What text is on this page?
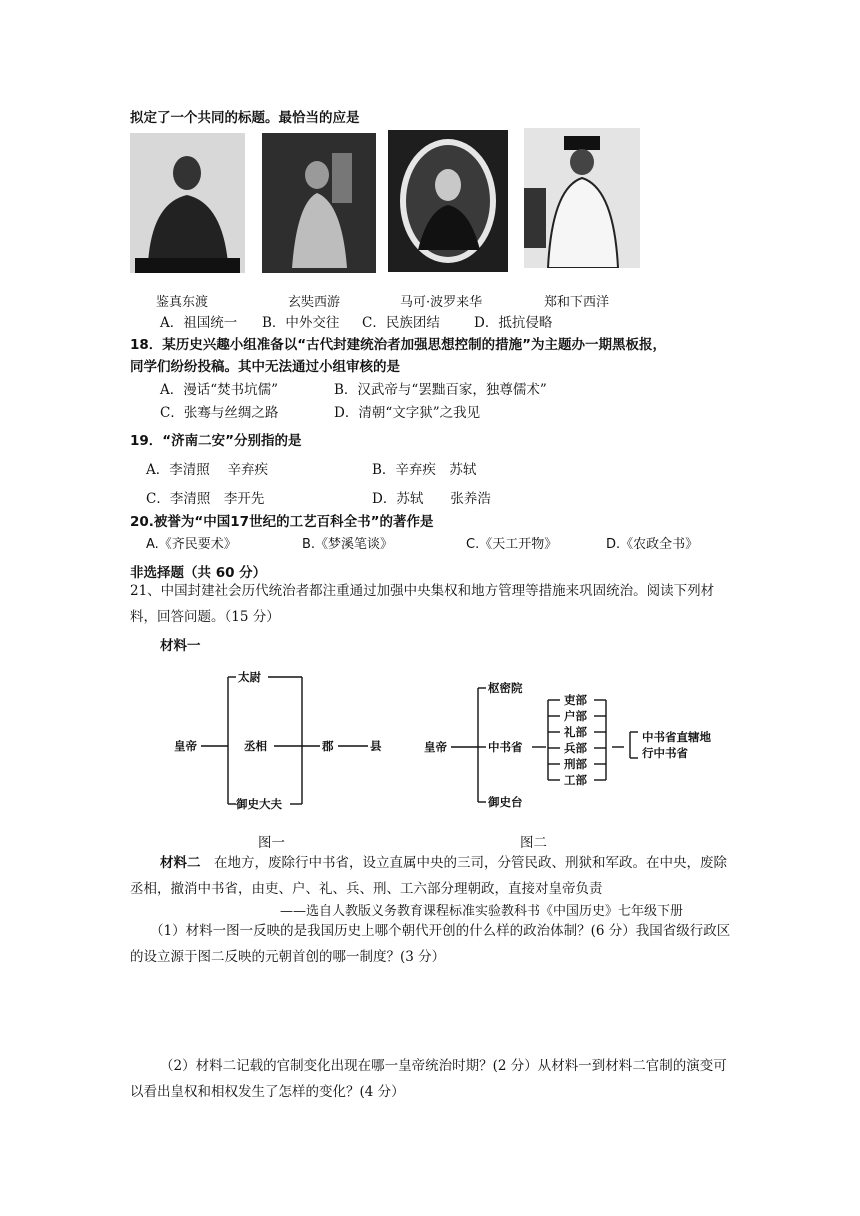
拟定了一个共同的标题。最恰当的应是
鉴真东渡	玄奘西游	马可·波罗来华	郑和下西洋
A．祖国统一 B．中外交往 C．民族团结	D．抵抗侵略
18．某历史兴趣小组准备以“古代封建统治者加强思想控制的措施”为主题办一期黑板报，
同学们纷纷投稿。其中无法通过小组审核的是
A．漫话“焚书坑儒”	B．汉武帝与“罢黜百家，独尊儒术”
C．张骞与丝绸之路	D．清朝“文字狱”之我见
19．“济南二安”分别指的是
A．李清照　 辛弃疾	B．辛弃疾　苏轼
C．李清照　李开先	D．苏轼　　张养浩
20.被誉为“中国17世纪的工艺百科全书”的著作是
A.《齐民要术》	B.《梦溪笔谈》	C.《天工开物》	D.《农政全书》
非选择题（共 60 分）
21、中国封建社会历代统治者都注重通过加强中央集权和地方管理等措施来巩固统治。阅读下列材料，回答问题。（15 分）
材料一
皇帝
太尉
丞相
御史大夫
郡	县	皇帝
枢密院
中书省
御史台
吏部
户部
礼部
兵部
刑部
工部
中书省直辖地
行中书省
图一	图二
材料二　 在地方，废除行中书省，设立直属中央的三司，分管民政、刑狱和军政。在中央，废除丞相，撤消中书省，由吏、户、礼、兵、刑、工六部分理朝政，直接对皇帝负责
——选自人教版义务教育课程标准实验教科书《中国历史》七年级下册
（1）材料一图一反映的是我国历史上哪个朝代开创的什么样的政治体制？(6 分）我国省级行政区的设立源于图二反映的元朝首创的哪一制度？(3 分）
（2）材料二记载的官制变化出现在哪一皇帝统治时期？(2 分）从材料一到材料二官制的演变可以看出皇权和相权发生了怎样的变化？(4 分）
